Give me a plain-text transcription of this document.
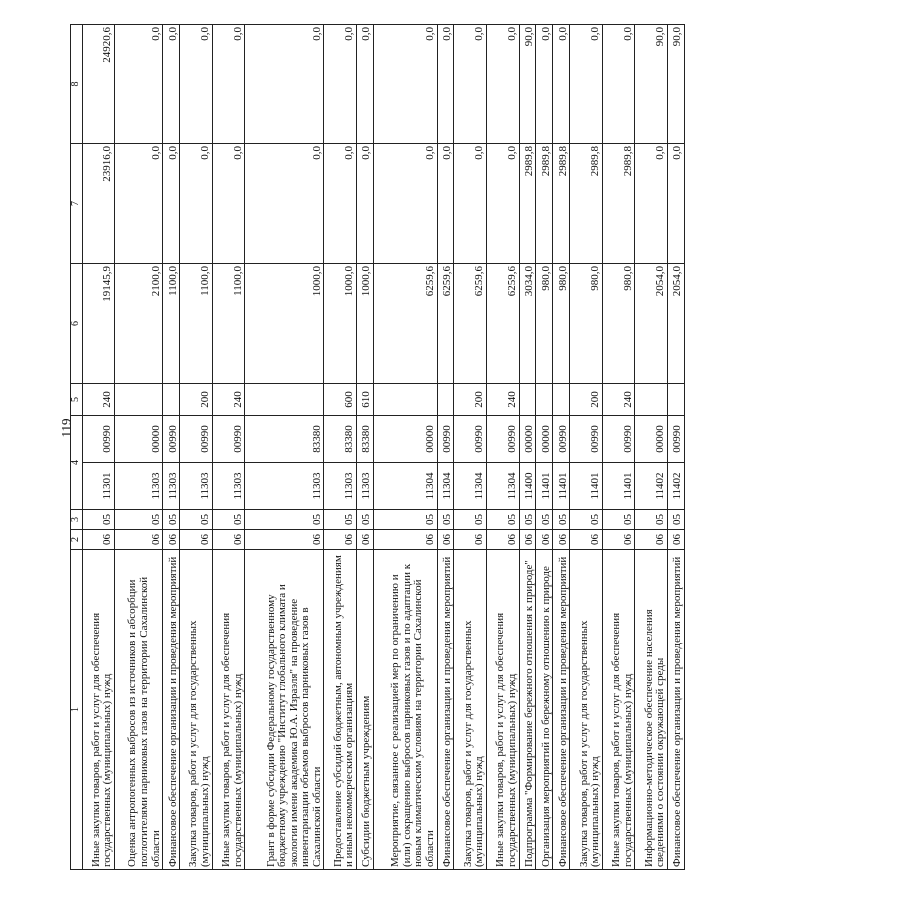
119
1	2	3	4		5	6	7	8
Иные закупки товаров, работ и услуг для обеспечения государственных (муниципальных) нужд	06	05	11301	00990	240	19145,9	23916,0	24920,6
Оценка антропогенных выбросов из источников и абсорбции поглотителями парниковых газов на территории Сахалинской области	06	05	11303	00000		2100,0	0,0	0,0
Финансовое обеспечение организации и проведения мероприятий	06	05	11303	00990		1100,0	0,0	0,0
Закупка товаров, работ и услуг для государственных (муниципальных) нужд	06	05	11303	00990	200	1100,0	0,0	0,0
Иные закупки товаров, работ и услуг для обеспечения государственных (муниципальных) нужд	06	05	11303	00990	240	1100,0	0,0	0,0
Грант в форме субсидии Федеральному государственному бюджетному учреждению "Институт глобального климата и экологии имени академика Ю.А. Израэля" на проведение инвентаризации объемов выбросов парниковых газов в Сахалинской области	06	05	11303	83380		1000,0	0,0	0,0
Предоставление субсидий бюджетным, автономным учреждениям и иным некоммерческим организациям	06	05	11303	83380	600	1000,0	0,0	0,0
Субсидии бюджетным учреждениям	06	05	11303	83380	610	1000,0	0,0	0,0
Мероприятие, связанное с реализацией мер по ограничению и (или) сокращению выбросов парниковых газов и по адаптации к новым климатическим условиям на территории Сахалинской области	06	05	11304	00000		6259,6	0,0	0,0
Финансовое обеспечение организации и проведения мероприятий	06	05	11304	00990		6259,6	0,0	0,0
Закупка товаров, работ и услуг для государственных (муниципальных) нужд	06	05	11304	00990	200	6259,6	0,0	0,0
Иные закупки товаров, работ и услуг для обеспечения государственных (муниципальных) нужд	06	05	11304	00990	240	6259,6	0,0	0,0
Подпрограмма "Формирование бережного отношения к природе"	06	05	11400	00000		3034,0	2989,8	90,0
Организация мероприятий по бережному отношению к природе	06	05	11401	00000		980,0	2989,8	0,0
Финансовое обеспечение организации и проведения мероприятий	06	05	11401	00990		980,0	2989,8	0,0
Закупка товаров, работ и услуг для государственных (муниципальных) нужд	06	05	11401	00990	200	980,0	2989,8	0,0
Иные закупки товаров, работ и услуг для обеспечения государственных (муниципальных) нужд	06	05	11401	00990	240	980,0	2989,8	0,0
Информационно-методическое обеспечение населения сведениями о состоянии окружающей среды	06	05	11402	00000		2054,0	0,0	90,0
Финансовое обеспечение организации и проведения мероприятий	06	05	11402	00990		2054,0	0,0	90,0
